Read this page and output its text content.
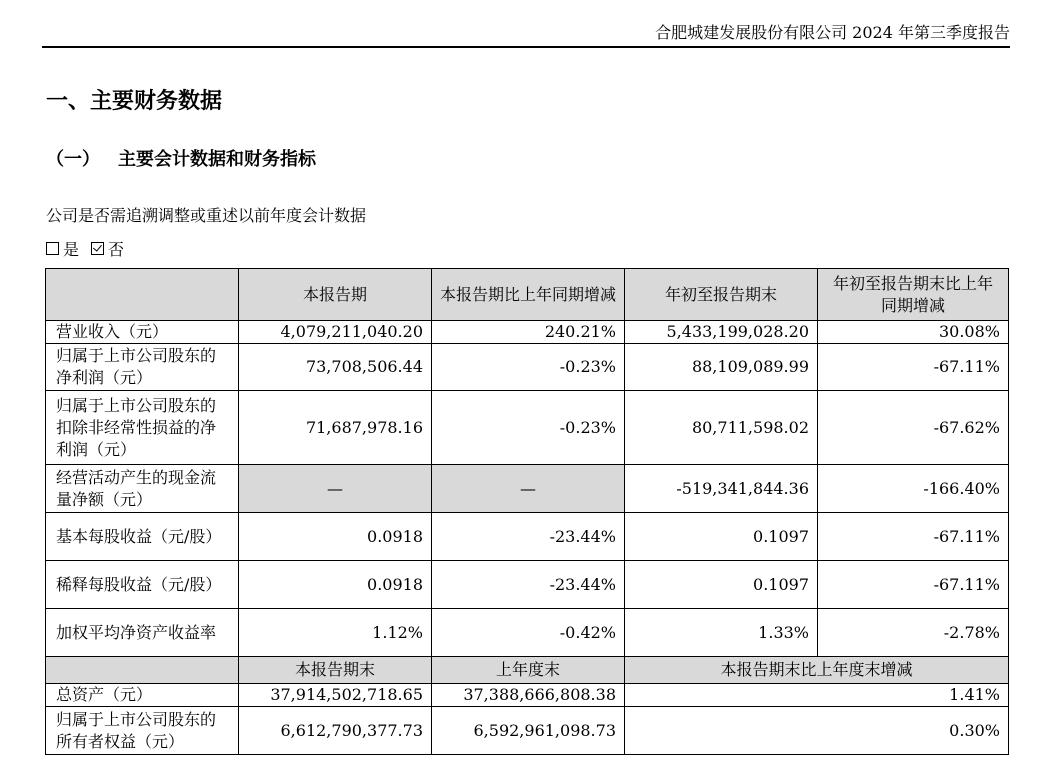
合肥城建发展股份有限公司 2024 年第三季度报告
一、主要财务数据
（一） 主要会计数据和财务指标
公司是否需追溯调整或重述以前年度会计数据
是 否
	本报告期	本报告期比上年同期增减	年初至报告期末	年初至报告期末比上年同期增减
营业收入（元）	4,079,211,040.20	240.21%	5,433,199,028.20	30.08%
归属于上市公司股东的净利润（元）	73,708,506.44	-0.23%	88,109,089.99	-67.11%
归属于上市公司股东的扣除非经常性损益的净利润（元）	71,687,978.16	-0.23%	80,711,598.02	-67.62%
经营活动产生的现金流量净额（元）	—	—	-519,341,844.36	-166.40%
基本每股收益（元/股）	0.0918	-23.44%	0.1097	-67.11%
稀释每股收益（元/股）	0.0918	-23.44%	0.1097	-67.11%
加权平均净资产收益率	1.12%	-0.42%	1.33%	-2.78%
	本报告期末	上年度末	本报告期末比上年度末增减	
总资产（元）	37,914,502,718.65	37,388,666,808.38	1.41%	
归属于上市公司股东的所有者权益（元）	6,612,790,377.73	6,592,961,098.73	0.30%	
